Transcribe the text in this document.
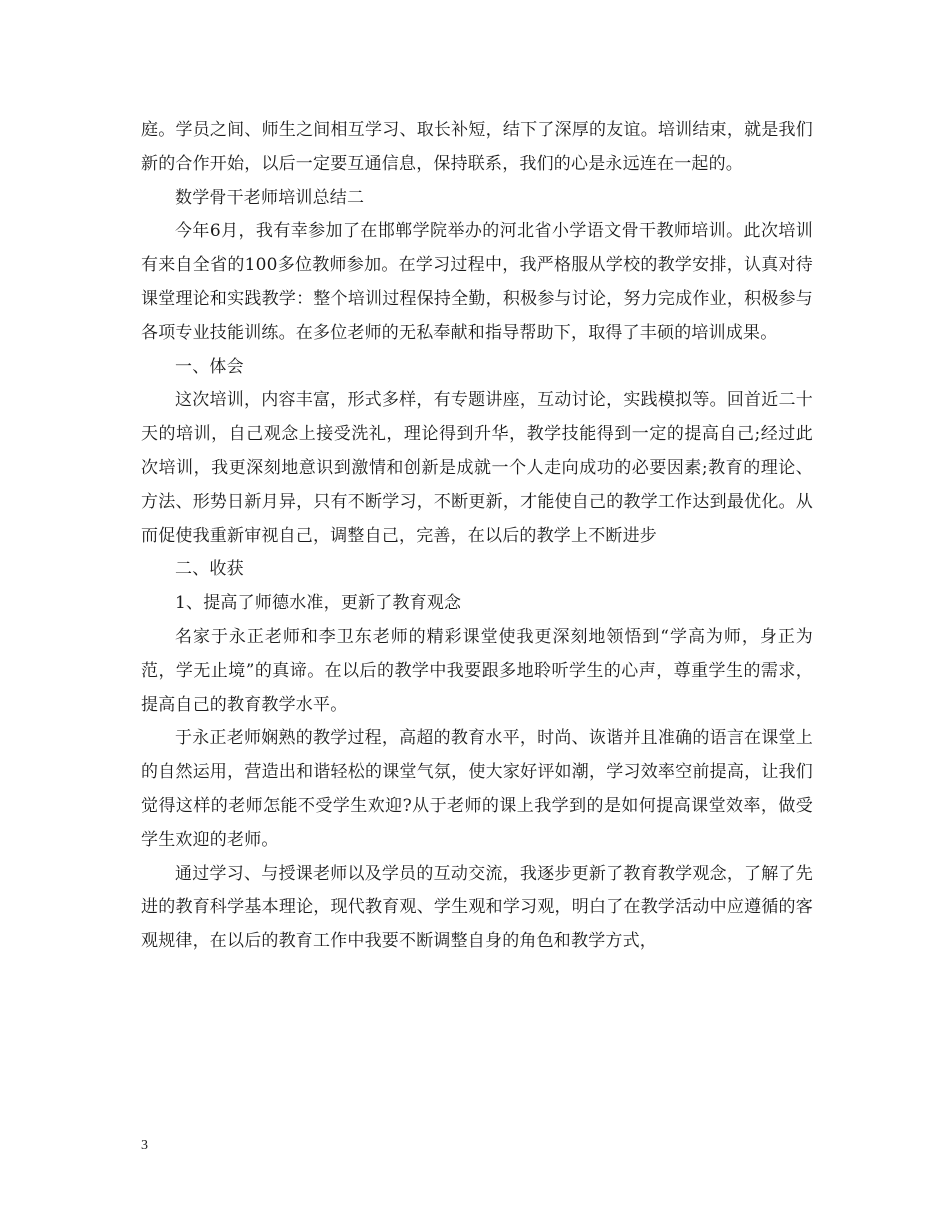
庭。学员之间、师生之间相互学习、取长补短，结下了深厚的友谊。培训结束，就是我们新的合作开始，以后一定要互通信息，保持联系，我们的心是永远连在一起的。

数学骨干老师培训总结二

今年6月，我有幸参加了在邯郸学院举办的河北省小学语文骨干教师培训。此次培训有来自全省的100多位教师参加。在学习过程中，我严格服从学校的教学安排，认真对待课堂理论和实践教学：整个培训过程保持全勤，积极参与讨论，努力完成作业，积极参与各项专业技能训练。在多位老师的无私奉献和指导帮助下，取得了丰硕的培训成果。

一、体会

这次培训，内容丰富，形式多样，有专题讲座，互动讨论，实践模拟等。回首近二十天的培训，自己观念上接受洗礼，理论得到升华，教学技能得到一定的提高自己;经过此次培训，我更深刻地意识到激情和创新是成就一个人走向成功的必要因素;教育的理论、方法、形势日新月异，只有不断学习，不断更新，才能使自己的教学工作达到最优化。从而促使我重新审视自己，调整自己，完善，在以后的教学上不断进步

二、收获

1、提高了师德水准，更新了教育观念

名家于永正老师和李卫东老师的精彩课堂使我更深刻地领悟到“学高为师，身正为范，学无止境”的真谛。在以后的教学中我要跟多地聆听学生的心声，尊重学生的需求，提高自己的教育教学水平。

于永正老师娴熟的教学过程，高超的教育水平，时尚、诙谐并且准确的语言在课堂上的自然运用，营造出和谐轻松的课堂气氛，使大家好评如潮，学习效率空前提高，让我们觉得这样的老师怎能不受学生欢迎?从于老师的课上我学到的是如何提高课堂效率，做受学生欢迎的老师。

通过学习、与授课老师以及学员的互动交流，我逐步更新了教育教学观念，了解了先进的教育科学基本理论，现代教育观、学生观和学习观，明白了在教学活动中应遵循的客观规律，在以后的教育工作中我要不断调整自身的角色和教学方式，

3
